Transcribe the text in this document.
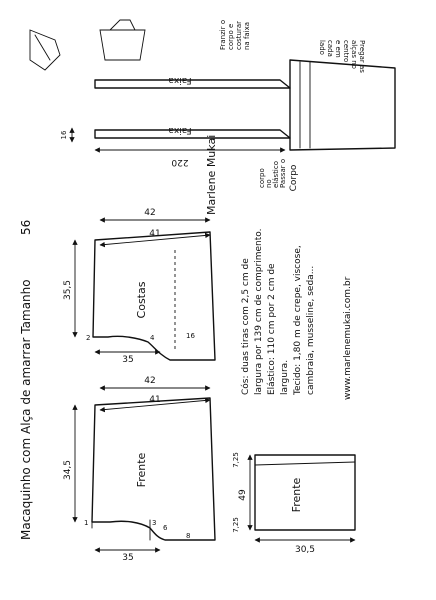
34,5
42
41
35
1	3
6
8
Frente
35,5
42
41
35
2	4	16
Costas
49
30,5
7,25
7,25
Frente
Cós: duas tiras com 2,5 cm de largura por 139 cm de comprimento. Elástico: 110 cm por 2 cm de largura. Tecido: 1,80 m de crepe, viscose, cambraia, musseline, seda...	www.marlenemukai.com.br
Macaquinho com Alça de amarrar Tamanho
56
Marlene Mukai
Faixa
Faixa
Corpo
220
16
Franzir o corpo e costurar na faixa
Pregar as
alças no
centro
e em
cada
lado
Passar o
elástico
no
corpo
